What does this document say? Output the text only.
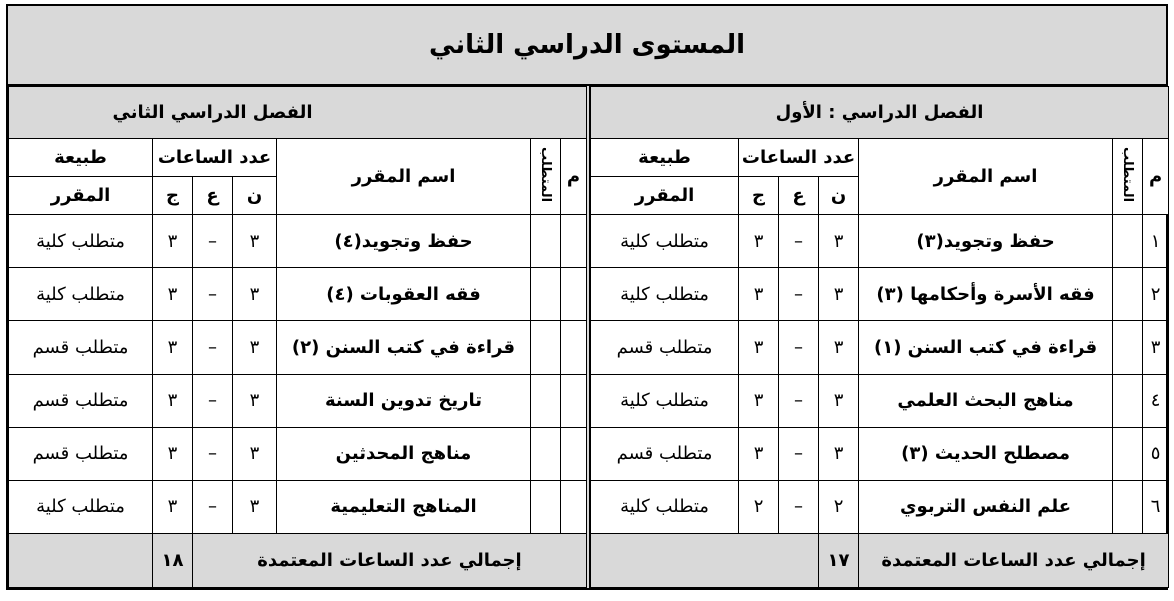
المستوى الدراسي الثاني
الفصل الدراسي : الأول						
م	المتطلب	اسم المقرر	عدد الساعات			طبيعة
			ن	ع	ج	المقرر
١		حفظ وتجويد(٣)	٣	–	٣	متطلب كلية
٢		فقه الأسرة وأحكامها (٣)	٣	–	٣	متطلب كلية
٣		قراءة في كتب السنن (١)	٣	–	٣	متطلب قسم
٤		مناهج البحث العلمي	٣	–	٣	متطلب كلية
٥		مصطلح الحديث (٣)	٣	–	٣	متطلب قسم
٦		علم النفس التربوي	٢	–	٢	متطلب كلية
إجمالي عدد الساعات المعتمدة			١٧			
الفصل الدراسي الثاني						
م	المتطلب	اسم المقرر	عدد الساعات			طبيعة
			ن	ع	ج	المقرر
		حفظ وتجويد(٤)	٣	–	٣	متطلب كلية
		فقه العقوبات (٤)	٣	–	٣	متطلب كلية
		قراءة في كتب السنن (٢)	٣	–	٣	متطلب قسم
		تاريخ تدوين السنة	٣	–	٣	متطلب قسم
		مناهج المحدثين	٣	–	٣	متطلب قسم
		المناهج التعليمية	٣	–	٣	متطلب كلية
إجمالي عدد الساعات المعتمدة					١٨	
